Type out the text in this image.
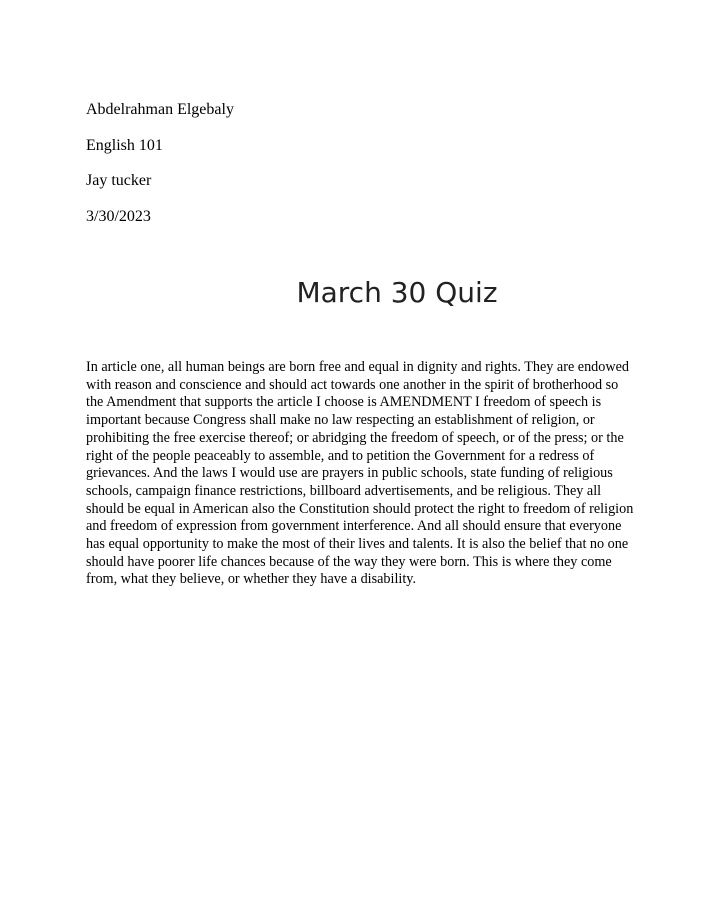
Abdelrahman Elgebaly
English 101
Jay tucker
3/30/2023
March 30 Quiz

In article one, all human beings are born free and equal in dignity and rights. They are endowed with reason and conscience and should act towards one another in the spirit of brotherhood so the Amendment that supports the article I choose is AMENDMENT I freedom of speech is important because Congress shall make no law respecting an establishment of religion, or prohibiting the free exercise thereof; or abridging the freedom of speech, or of the press; or the right of the people peaceably to assemble, and to petition the Government for a redress of grievances. And the laws I would use are prayers in public schools, state funding of religious schools, campaign finance restrictions, billboard advertisements, and be religious. They all should be equal in American also the Constitution should protect the right to freedom of religion and freedom of expression from government interference. And all should ensure that everyone has equal opportunity to make the most of their lives and talents. It is also the belief that no one should have poorer life chances because of the way they were born. This is where they come from, what they believe, or whether they have a disability.
